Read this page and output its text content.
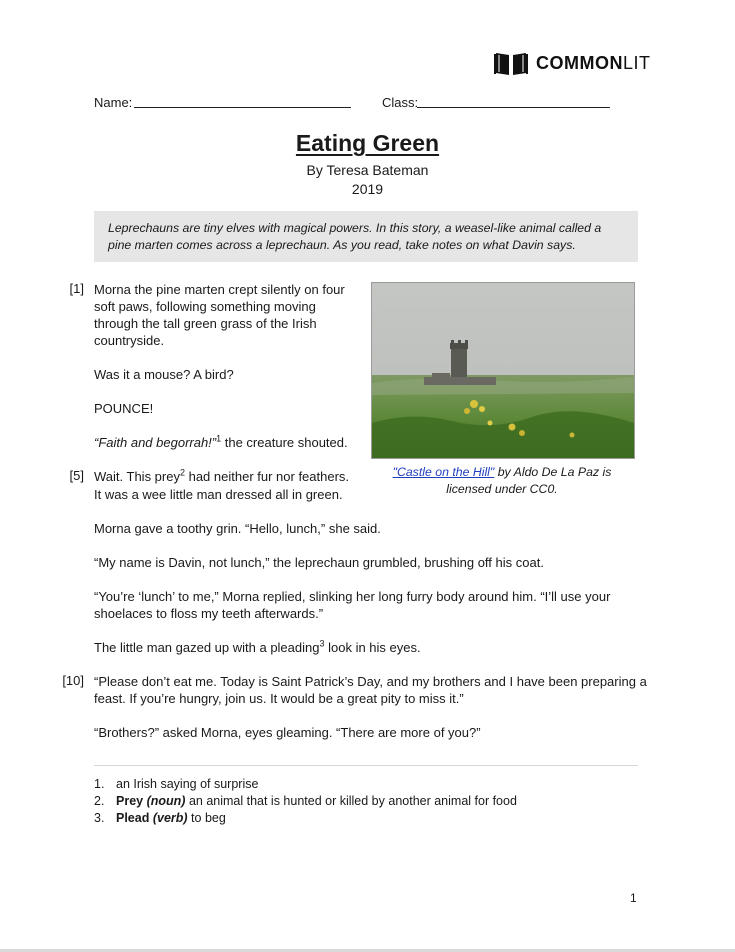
COMMONLIT
Name:	Class:
Eating Green
By Teresa Bateman
2019
Leprechauns are tiny elves with magical powers. In this story, a weasel-like animal called a pine marten comes across a leprechaun. As you read, take notes on what Davin says.
[1]
[5]
[10]
Morna the pine marten crept silently on four
soft paws, following something moving
through the tall green grass of the Irish
countryside.
Was it a mouse? A bird?
POUNCE!
“Faith and begorrah!”$^1$ the creature shouted.
Wait. This prey$^2$ had neither fur nor feathers.
It was a wee little man dressed all in green.
Morna gave a toothy grin. “Hello, lunch,” she said.
“My name is Davin, not lunch,” the leprechaun grumbled, brushing off his coat.
“You’re ‘lunch’ to me,” Morna replied, slinking her long furry body around him. “I’ll use your
shoelaces to floss my teeth afterwards.”
The little man gazed up with a pleading$^3$ look in his eyes.
“Please don’t eat me. Today is Saint Patrick’s Day, and my brothers and I have been preparing a
feast. If you’re hungry, join us. It would be a great pity to miss it.”
“Brothers?” asked Morna, eyes gleaming. “There are more of you?”
"Castle on the Hill" by Aldo De La Paz is
licensed under CC0.
1. an Irish saying of surprise
2. Prey (noun) an animal that is hunted or killed by another animal for food
3. Plead (verb) to beg
1
